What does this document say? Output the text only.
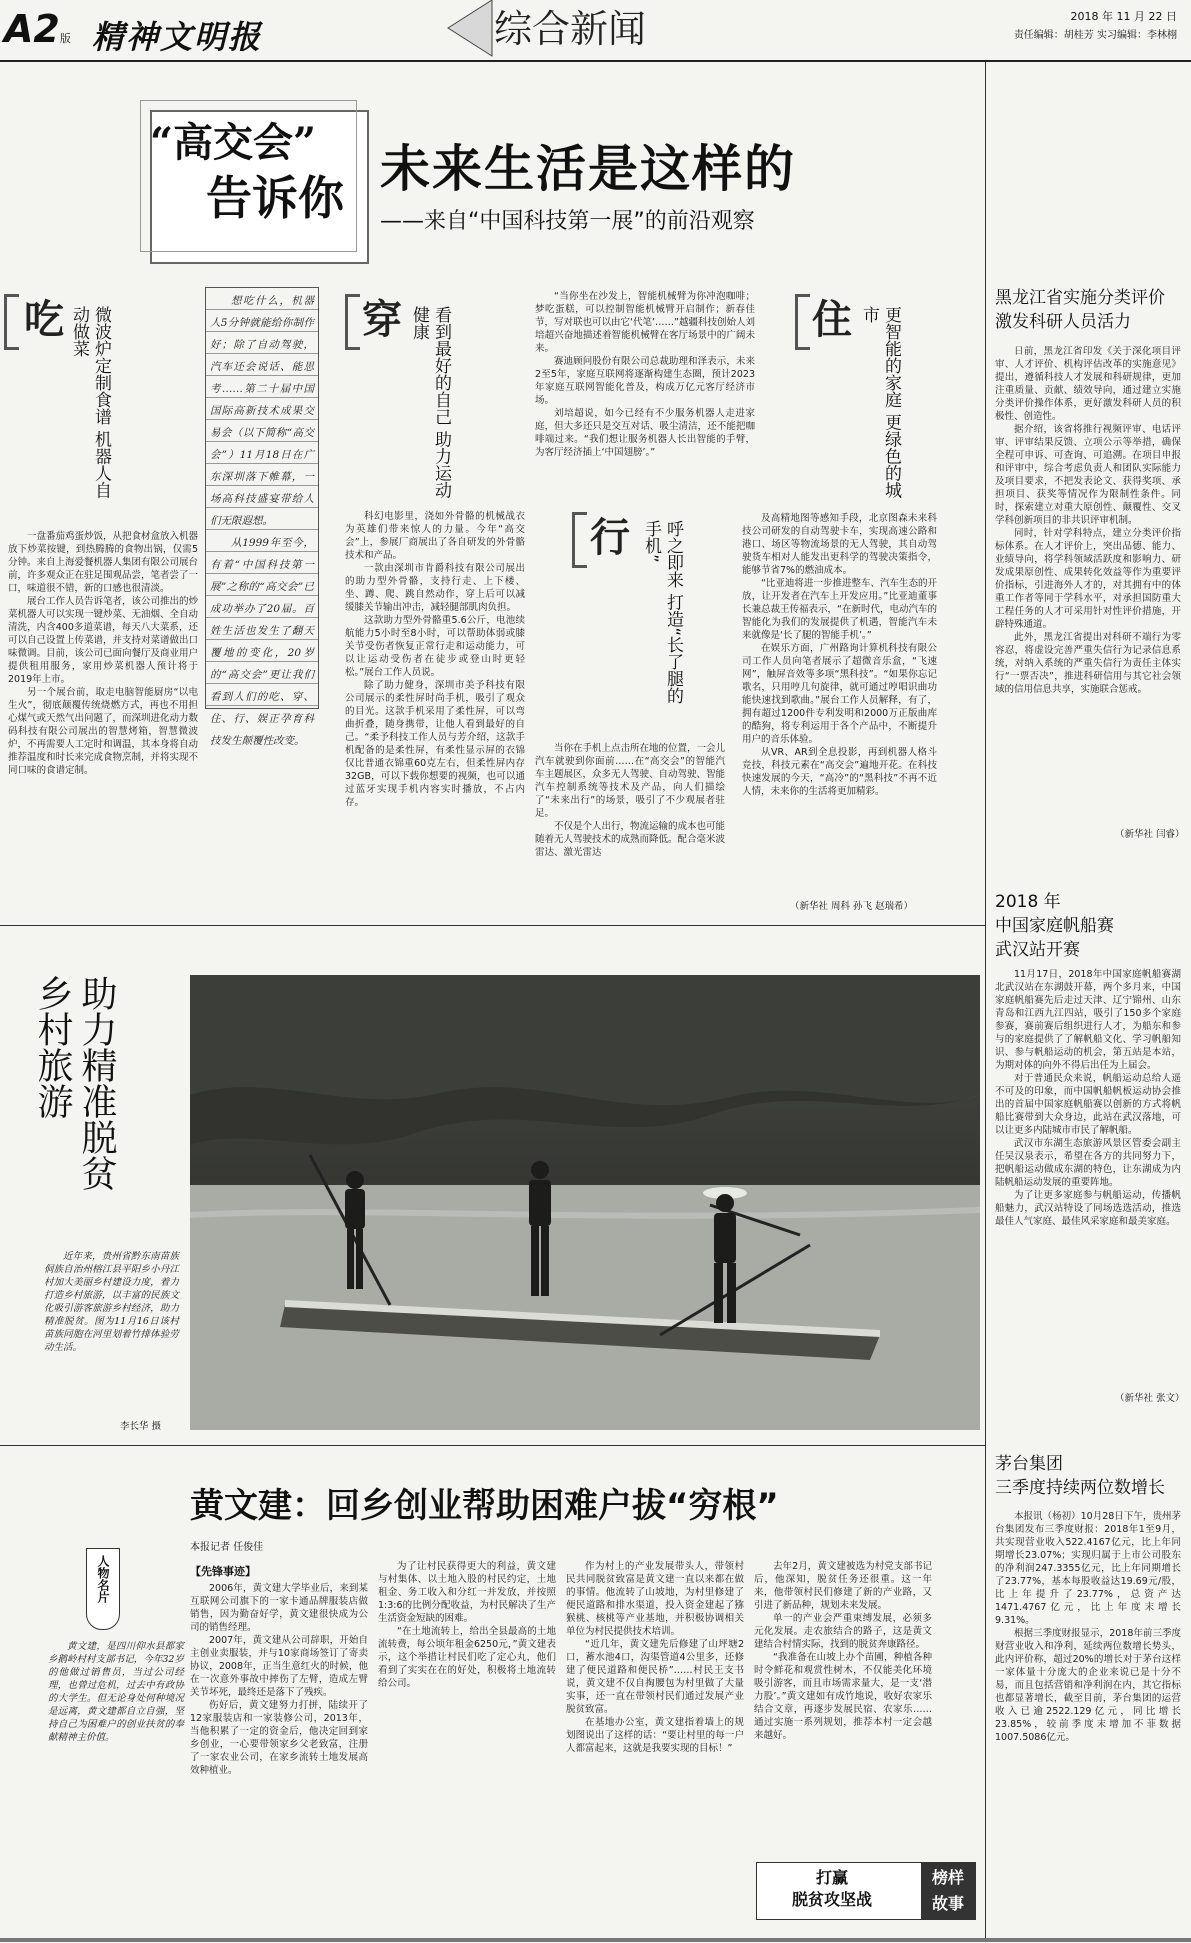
A2版 精神文明报	综合新闻	2018 年 11 月 22 日
责任编辑：胡桂芳 实习编辑：李林栩
“高交会”
告诉你 未来生活是这样的
——来自“中国科技第一展”的前沿观察

想吃什么，机器人5分钟就能给你制作好；除了自动驾驶，汽车还会说话、能思考……第二十届中国国际高新技术成果交易会（以下简称“高交会”）11月18日在广东深圳落下帷幕，一场高科技盛宴带给人们无限遐想。

从1999年至今，有着“中国科技第一展”之称的“高交会”已成功举办了20届。百姓生活也发生了翻天覆地的变化，20岁的“高交会”更让我们看到人们的吃、穿、住、行、娱正孕育科技发生颠覆性改变。

吃	微波炉定制食谱 机器人自动做菜

一盘番茄鸡蛋炒饭，从把食材盒放入机器放下炒菜按键，到热腾腾的食物出锅，仅需5分钟。来自上海爱餐机器人集团有限公司展台前，许多观众正在驻足围观品尝，笔者尝了一口，味道很不错，新的口感也很清淡。

展台工作人员告诉笔者，该公司推出的炒菜机器人可以实现一键炒菜、无油烟、全自动清洗，内含400多道菜谱，每天八大菜系，还可以自己设置上传菜谱，并支持对菜谱做出口味微调。目前，该公司已面向餐厅及商业用户提供租用服务，家用炒菜机器人预计将于2019年上市。

另一个展台前，取走电脑智能厨房“以电生火”，彻底颠覆传统烧燃方式，再也不用担心煤气或天然气出问题了，而深圳进化动力数码科技有限公司展出的智慧烤箱，智慧微波炉，不再需要人工定时和调温，其本身将自动推荐温度和时长来完成食物烹制，并将实现不同口味的食谱定制。

穿	看到最好的自己 助力运动健康

科幻电影里，浇如外骨骼的机械战衣为英雄们带来惊人的力量。今年“高交会”上，参展厂商展出了各自研发的外骨骼技术和产品。

一款由深圳市肯爵科技有限公司展出的助力型外骨骼，支持行走、上下楼、坐、蹲、爬、跳自然动作，穿上后可以减缓膝关节输出冲击，减轻腿部肌肉负担。

这款助力型外骨骼重5.6公斤，电池续航能力5小时至8小时，可以帮助体弱或膝关节受伤者恢复正常行走和运动能力，可以让运动受伤者在徒步或登山时更轻松。”展台工作人员说。

除了助力健身，深圳市美予科技有限公司展示的柔性屏时尚手机，吸引了观众的目光。这款手机采用了柔性屏，可以弯曲折叠，随身携带，让他人看到最好的自己。“柔予科技工作人员与芳介绍，这款手机配备的是柔性屏，有柔性显示屏的衣锦仅比普通衣锦重60克左右，但柔性屏内存32GB，可以下载你想要的视频，也可以通过蓝牙实现手机内容实时播放，不占内存。

“当你坐在沙发上，智能机械臂为你冲泡咖啡；梦吃蛋糕，可以控制智能机械臂开启制作；新春佳节，写对联也可以由它‘代笔’……”越疆科技创始人刘培超兴奋地描述着智能机械臂在客厅场景中的广阔未来。

赛迪顾问股份有限公司总裁助理和泽表示，未来2至5年，家庭互联网将逐渐构建生态圈，预计2023年家庭互联网智能化普及，构成万亿元客厅经济市场。

刘培超说，如今已经有不少服务机器人走进家庭，但大多还只是交互对话、吸尘清洁，还不能把咖啡端过来。“我们想让服务机器人长出智能的手臂，为客厅经济插上‘中国翅膀’。”

住	更智能的家庭 更绿色的城市
行	呼之即来 打造“长了腿的手机”

当你在手机上点击所在地的位置，一会儿汽车就驶到你面前……在“高交会”的智能汽车主题展区，众多无人驾驶、自动驾驶、智能汽车控制系统等技术及产品，向人们描绘了“未来出行”的场景，吸引了不少观展者驻足。

不仅是个人出行，物流运输的成本也可能随着无人驾驶技术的成熟而降低。配合毫米波雷达、激光雷达

及高精地图等感知手段，北京图森未来科技公司研发的自动驾驶卡车，实现高速公路和港口、场区等物流场景的无人驾驶，其自动驾驶货车相对人能发出更科学的驾驶决策指令，能够节省7%的燃油成本。

“比亚迪将进一步推进整车、汽车生态的开放，让开发者在汽车上开发应用。”比亚迪董事长兼总裁王传福表示，“在新时代，电动汽车的智能化为我们的发展提供了机遇，智能汽车未来就像是‘长了腿的智能手机’。”

在娱乐方面，广州路询计算机科技有限公司工作人员向笔者展示了超微音乐盒，“飞速网”，触屏音效等多项“黑科技”。“如果你忘记歌名，只用哼几句旋律，就可通过哼唱识曲功能快速找到歌曲。”展台工作人员解释，有了，拥有超过1200件专利发明和2000万正版曲库的酷狗，将专利运用于各个产品中，不断提升用户的音乐体验。

从VR、AR到全息投影，再到机器人格斗竞技，科技元素在“高交会”遍地开花。在科技快速发展的今天，“高冷”的“黑科技”不再不近人情，未来你的生活将更加精彩。

（新华社 周科 孙飞 赵瑞希）
黑龙江省实施分类评价
激发科研人员活力

日前，黑龙江省印发《关于深化项目评审、人才评价、机构评估改革的实施意见》提出，遵循科技人才发展和科研规律，更加注重质量、贡献、绩效导向，通过建立实施分类评价操作体系，更好激发科研人员的积极性、创造性。

据介绍，该省将推行视频评审、电话评审、评审结果反馈、立项公示等举措，确保全程可申诉、可查询、可追溯。在项目申报和评审中，综合考虑负责人和团队实际能力及项目要求，不把发表论文、获得奖项、承担项目、获奖等情况作为限制性条件。同时，探索建立对重大原创性、颠覆性、交叉学科创新项目的非共识评审机制。

同时，针对学科特点，建立分类评价指标体系。在人才评价上，突出品德、能力、业绩导向，将学科领域活跃度和影响力、研发成果原创性、成果转化效益等作为重要评价指标，引进海外人才的，对其拥有中的体重工作者等同于学科水平，对承担国防重大工程任务的人才可采用针对性评价措施，开辟特殊通道。

此外，黑龙江省提出对科研不端行为零容忍，将虚设完善严重失信行为记录信息系统，对纳入系统的严重失信行为责任主体实行“一票否决”，推进科研信用与其它社会领域的信用信息共享，实施联合惩戒。

（新华社 闫睿）
2018 年
中国家庭帆船赛
武汉站开赛

11月17日，2018年中国家庭帆船赛湖北武汉站在东湖鼓开幕，两个多月来，中国家庭帆船赛先后走过天津、辽宁锦州、山东青岛和江西九江四站，吸引了150多个家庭参赛，赛前赛后组织进行人才，为船东和参与的家庭提供了了解帆船文化、学习帆船知识、参与帆船运动的机会，第五站是本站，为期对体的向外不得后出任为上届会。

对于普通民众来说，帆船运动总给人遥不可及的印象，而中国帆船帆板运动协会推出的首届中国家庭帆船赛以创新的方式将帆船比赛带到大众身边，此站在武汉落地，可以让更多内陆城市市民了解帆船。

武汉市东湖生态旅游风景区管委会副主任吴汉泉表示，希望在各方的共同努力下，把帆船运动做成东湖的特色，让东湖成为内陆帆船运动发展的重要阵地。

为了让更多家庭参与帆船运动，传播帆船魅力，武汉站特设了同场选选活动，推选最佳人气家庭、最佳风采家庭和最美家庭。

（新华社 张文）
茅台集团
三季度持续两位数增长

本报讯（杨初）10月28日下午，贵州茅台集团发布三季度财报：2018年1至9月，共实现营业收入522.4167亿元，比上年同期增长23.07%；实现归属于上市公司股东的净利润247.3355亿元，比上年同期增长了23.77%，基本每股收益达19.69元/股，比上年提升了23.77%，总资产达1471.4767亿元，比上年度末增长9.31%。

根据三季度财报显示，2018年前三季度财营业收入和净利，延续两位数增长势头，此内评价称，超过20%的增长对于茅台这样一家体量十分庞大的企业来说已是十分不易，而且包括营销和净利润在内，其它指标也都显著增长，截至目前，茅台集团的运营收入已逾2522.129亿元，同比增长23.85%，较前季度末增加不菲数据1007.5086亿元。

助力精准脱贫 乡村旅游

近年来，贵州省黔东南苗族侗族自治州榕江县平阳乡小丹江村加大美丽乡村建设力度，着力打造乡村旅游，以丰富的民族文化吸引游客旅游乡村经济，助力精准脱贫。图为11月16日该村苗族同胞在河里划着竹排体验劳动生活。

李长华 摄
黄文建：回乡创业帮助困难户拔“穷根”
本报记者 任俊佳
人物名片

黄文建，是四川仰水县都家乡鹅岭村村支部书记，今年32岁的他做过销售员，当过公司经理，也曾过危机，过去中有政协的大学生。但无论身处何种境况是远离，黄文建都自立自强，坚持自己为困难户的创业扶贫的奉献精神主价值。

【先锋事迹】

2006年，黄文建大学毕业后，来到某互联网公司旗下的一家卡通品牌服装店做销售，因为勤奋好学，黄文建很快成为公司的销售经理。

2007年，黄文建从公司辞职，开始自主创业卖服装，并与10家商场签订了寄卖协议，2008年，正当生意红火的时候，他在一次意外事故中摔伤了左臂，造成左臂关节坏死，最终还是落下了残疾。

伤好后，黄文建努力打拼，陆续开了12家服装店和一家装修公司，2013年，当他积累了一定的资金后，他决定回到家乡创业，一心要带领家乡父老致富，注册了一家农业公司，在家乡流转土地发展高效种植业。

为了让村民获得更大的利益，黄文建与村集体、以土地入股的村民约定，土地租金、务工收入和分红一并发放，并按照1:3:6的比例分配收益，为村民解决了生产生活资金短缺的困难。

“在土地流转上，给出全县最高的土地流转费，每公顷年租金6250元，”黄文建表示，这个举措让村民们吃了定心丸，他们看到了实实在在的好处，积极将土地流转给公司。

作为村上的产业发展带头人，带领村民共同脱贫致富是黄文建一直以来都在做的事情。他流转了山坡地，为村里修建了便民道路和排水渠道，投入资金建起了猕猴桃、核桃等产业基地，并积极协调相关单位为村民提供技术培训。

“近几年，黄文建先后修建了山坪塘2口，蓄水池4口，沟渠管道4公里多，还修建了便民道路和便民桥”……村民王支书说，黄文建不仅自掏腰包为村里做了大量实事，还一直在带领村民们通过发展产业脱贫致富。

在基地办公室，黄文建指着墙上的规划图说出了这样的话：“要让村里的每一户人都富起来，这就是我要实现的目标！”

去年2月，黄文建被选为村党支部书记后，他深知，脱贫任务还很重。这一年来，他带领村民们修建了新的产业路，又引进了新品种，规划未来发展。

单一的产业会严重束缚发展，必须多元化发展。走农旅结合的路子，这是黄文建结合村情实际，找到的脱贫奔康路径。

“我准备在山坡上办个苗圃，种植各种时令鲜花和观赏性树木，不仅能美化环境吸引游客，而且市场需求量大，是一支‘潜力股’。”黄文建如有成竹地说，收好农家乐结合文章，再逐步发展民宿、农家乐……通过实施一系列规划，推荐本村一定会越来越好。

打赢
脱贫攻坚战
榜样
故事
